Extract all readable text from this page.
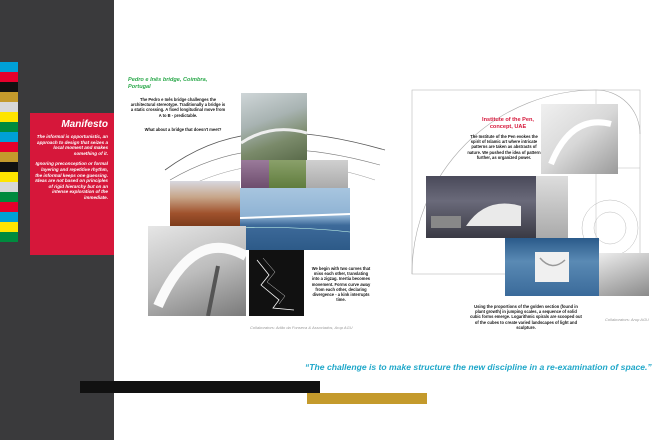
Manifesto

The informal is opportunistic, an approach to design that seizes a local moment and makes something of it.

Ignoring preconception or formal layering and repetitive rhythm, the informal keeps one guessing. Ideas are not based on principles of rigid hierarchy but on an intense exploration of the immediate.

Pedro e Inês bridge, Coimbra, Portugal
The Pedro e Inês bridge challenges the architectural stereotype. Traditionally a bridge is a static crossing. A fixed longitudinal move from A to B - predictable.
What about a bridge that doesn't meet?
We begin with two curves that miss each other, translating into a zigzag. Inertia becomes movement. Forms curve away from each other, declaring divergence - a kink interrupts time.
Collaborators: Adão da Fonseca & Associados, Arup AGU
Institute of the Pen, concept, UAE
The Institute of the Pen evokes the spirit of Islamic art where intricate patterns are taken as abstracts of nature. We pushed the idea of pattern further, as organized power.
Using the proportions of the golden section (found in plant growth) in jumping scales, a sequence of solid cubic forms emerge. Logarithmic spirals are scooped out of the cubes to create varied landscapes of light and sculpture.
Collaborators: Arup AGU
“The challenge is to make structure the new discipline in a re-examination of space.”
